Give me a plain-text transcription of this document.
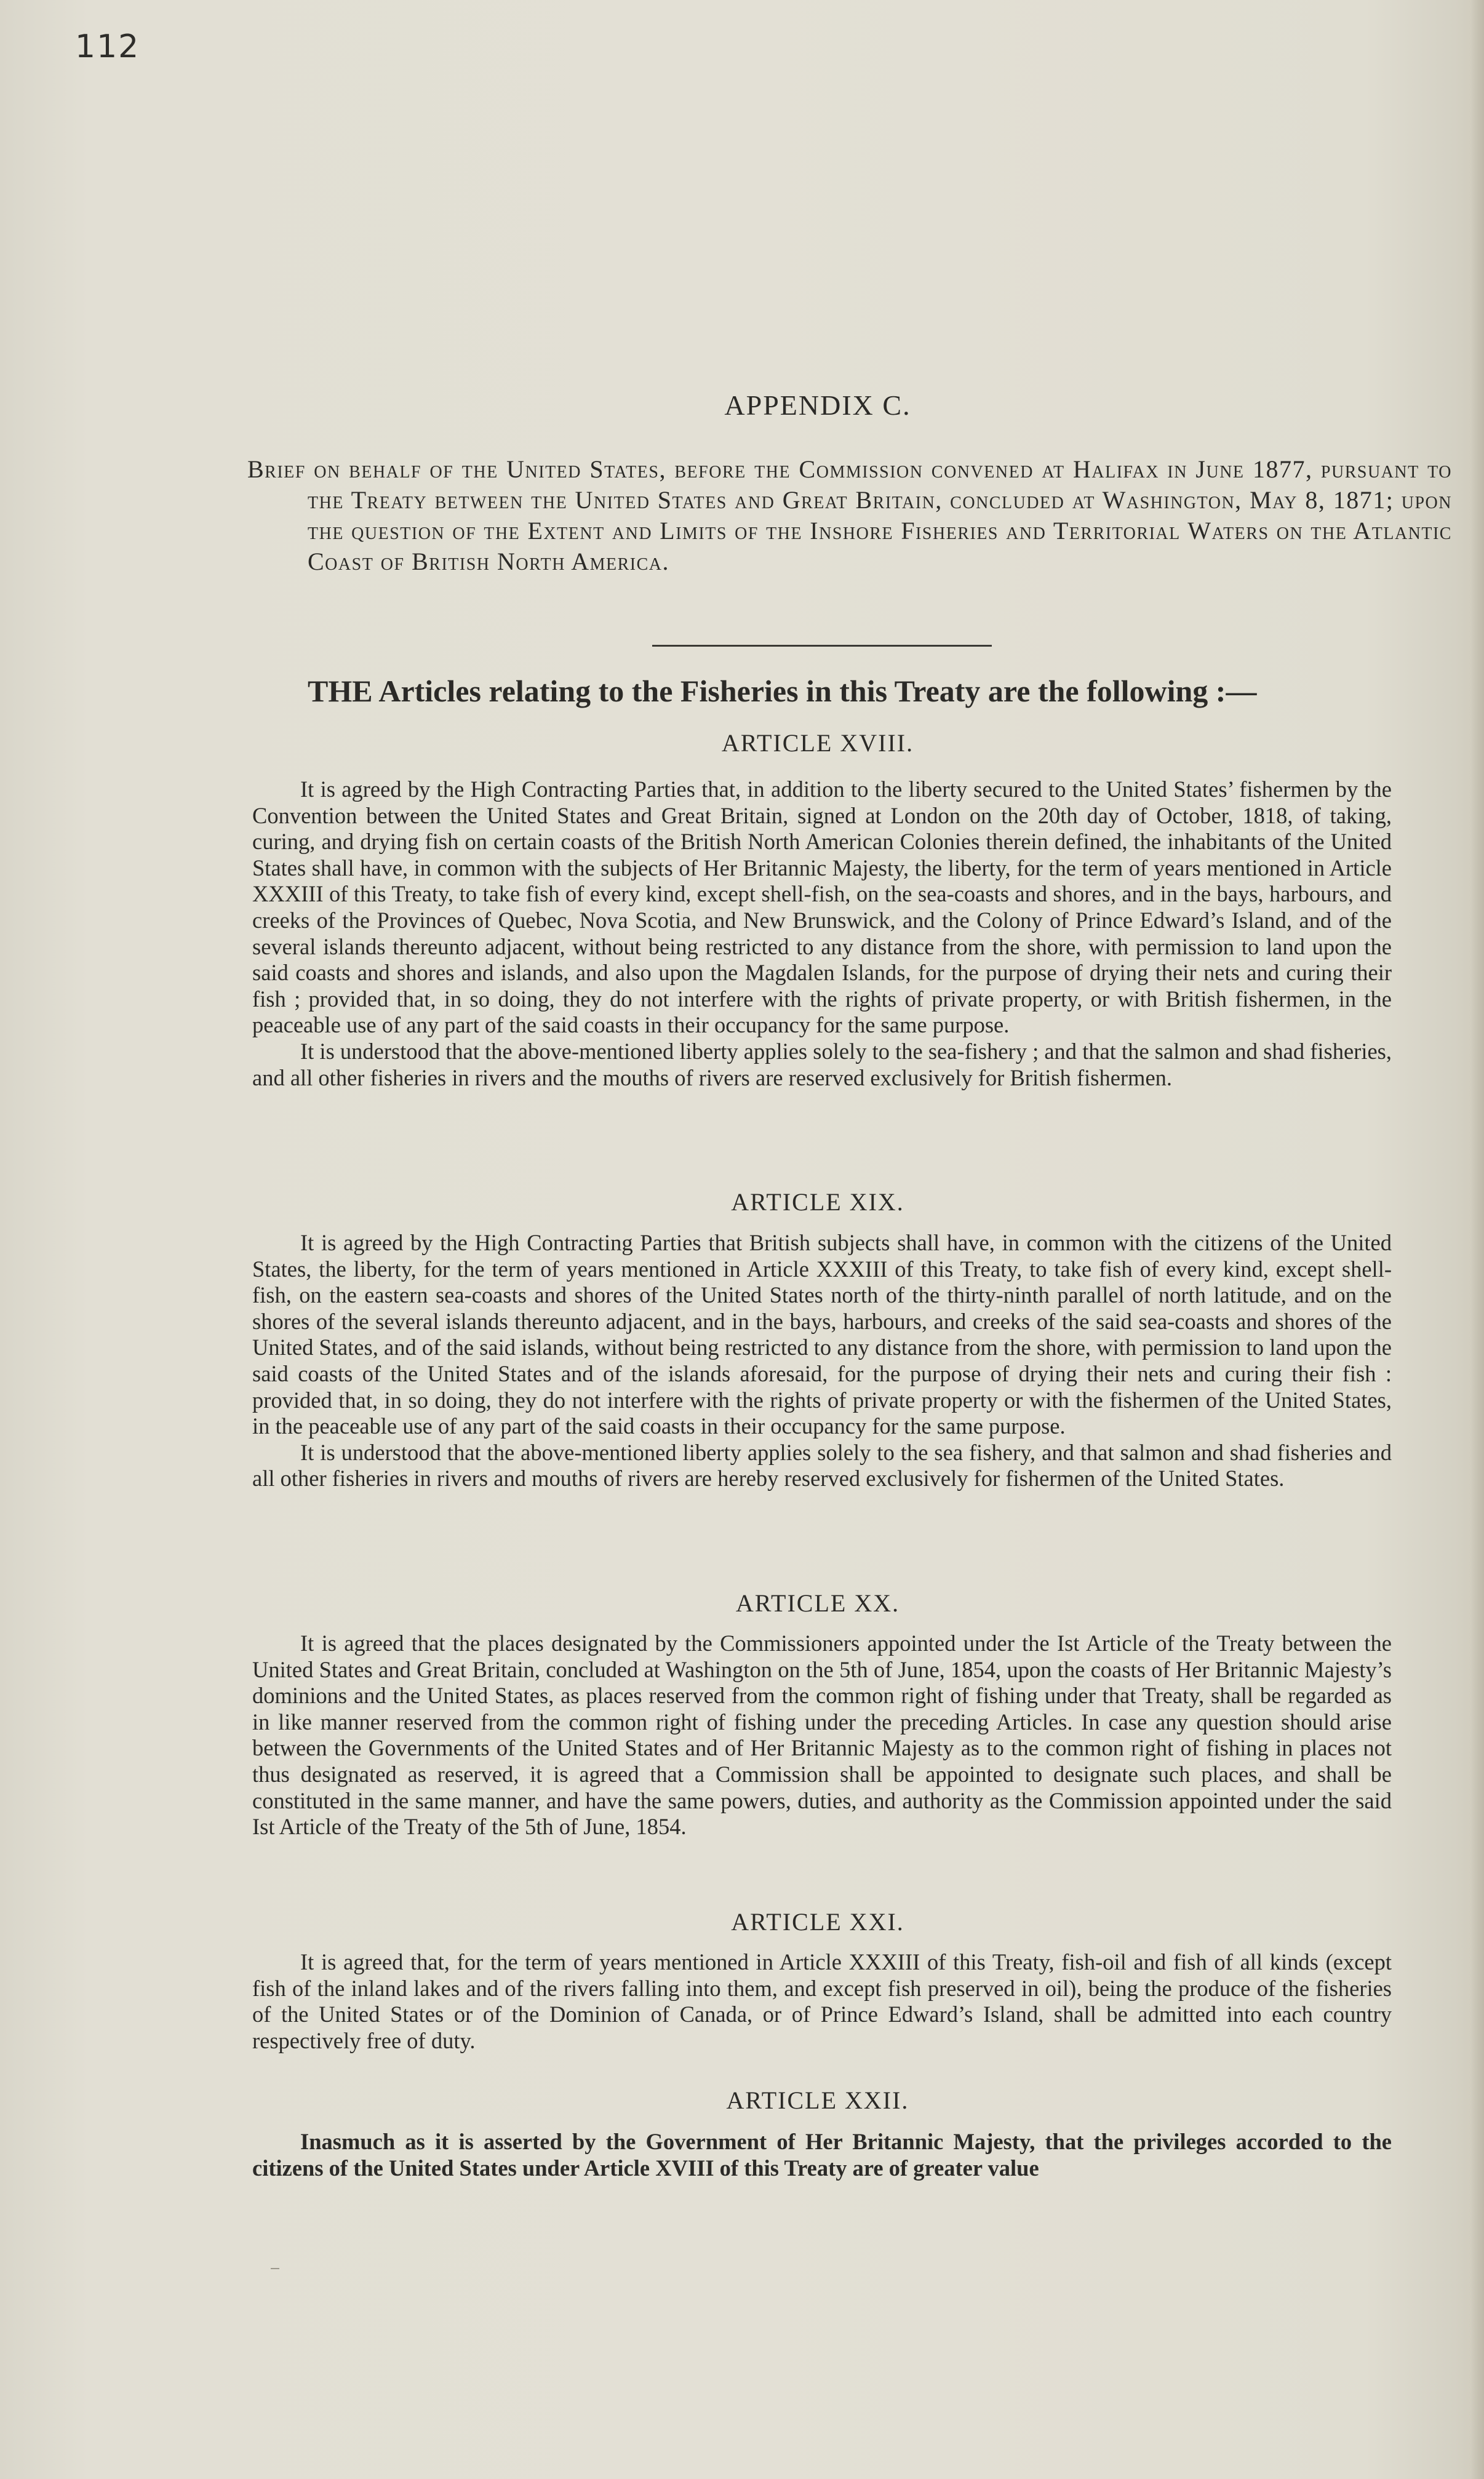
112
APPENDIX C.
Brief on behalf of the United States, before the Commission convened at Halifax in June 1877, pursuant to the Treaty between the United States and Great Britain, concluded at Washington, May 8, 1871; upon the question of the Extent and Limits of the Inshore Fisheries and Territorial Waters on the Atlantic Coast of British North America.
THE Articles relating to the Fisheries in this Treaty are the following :—
ARTICLE XVIII.

It is agreed by the High Contracting Parties that, in addition to the liberty secured to the United States’ fishermen by the Convention between the United States and Great Britain, signed at London on the 20th day of October, 1818, of taking, curing, and drying fish on certain coasts of the British North American Colonies therein defined, the inhabitants of the United States shall have, in common with the subjects of Her Britannic Majesty, the liberty, for the term of years mentioned in Article XXXIII of this Treaty, to take fish of every kind, except shell-fish, on the sea-coasts and shores, and in the bays, harbours, and creeks of the Provinces of Quebec, Nova Scotia, and New Brunswick, and the Colony of Prince Edward’s Island, and of the several islands thereunto adjacent, without being restricted to any distance from the shore, with permission to land upon the said coasts and shores and islands, and also upon the Magdalen Islands, for the purpose of drying their nets and curing their fish ; provided that, in so doing, they do not interfere with the rights of private property, or with British fishermen, in the peaceable use of any part of the said coasts in their occupancy for the same purpose.

It is understood that the above-mentioned liberty applies solely to the sea-fishery ; and that the salmon and shad fisheries, and all other fisheries in rivers and the mouths of rivers are reserved exclusively for British fishermen.

ARTICLE XIX.

It is agreed by the High Contracting Parties that British subjects shall have, in common with the citizens of the United States, the liberty, for the term of years mentioned in Article XXXIII of this Treaty, to take fish of every kind, except shell-fish, on the eastern sea-coasts and shores of the United States north of the thirty-ninth parallel of north latitude, and on the shores of the several islands thereunto adjacent, and in the bays, harbours, and creeks of the said sea-coasts and shores of the United States, and of the said islands, without being restricted to any distance from the shore, with permission to land upon the said coasts of the United States and of the islands aforesaid, for the purpose of drying their nets and curing their fish : provided that, in so doing, they do not interfere with the rights of private property or with the fishermen of the United States, in the peaceable use of any part of the said coasts in their occupancy for the same purpose.

It is understood that the above-mentioned liberty applies solely to the sea fishery, and that salmon and shad fisheries and all other fisheries in rivers and mouths of rivers are hereby reserved exclusively for fishermen of the United States.

ARTICLE XX.

It is agreed that the places designated by the Commissioners appointed under the Ist Article of the Treaty between the United States and Great Britain, concluded at Washington on the 5th of June, 1854, upon the coasts of Her Britannic Majesty’s dominions and the United States, as places reserved from the common right of fishing under that Treaty, shall be regarded as in like manner reserved from the common right of fishing under the preceding Articles. In case any question should arise between the Governments of the United States and of Her Britannic Majesty as to the common right of fishing in places not thus designated as reserved, it is agreed that a Commission shall be appointed to designate such places, and shall be constituted in the same manner, and have the same powers, duties, and authority as the Commission appointed under the said Ist Article of the Treaty of the 5th of June, 1854.

ARTICLE XXI.

It is agreed that, for the term of years mentioned in Article XXXIII of this Treaty, fish-oil and fish of all kinds (except fish of the inland lakes and of the rivers falling into them, and except fish preserved in oil), being the produce of the fisheries of the United States or of the Dominion of Canada, or of Prince Edward’s Island, shall be admitted into each country respectively free of duty.

ARTICLE XXII.

Inasmuch as it is asserted by the Government of Her Britannic Majesty, that the privileges accorded to the citizens of the United States under Article XVIII of this Treaty are of greater value
